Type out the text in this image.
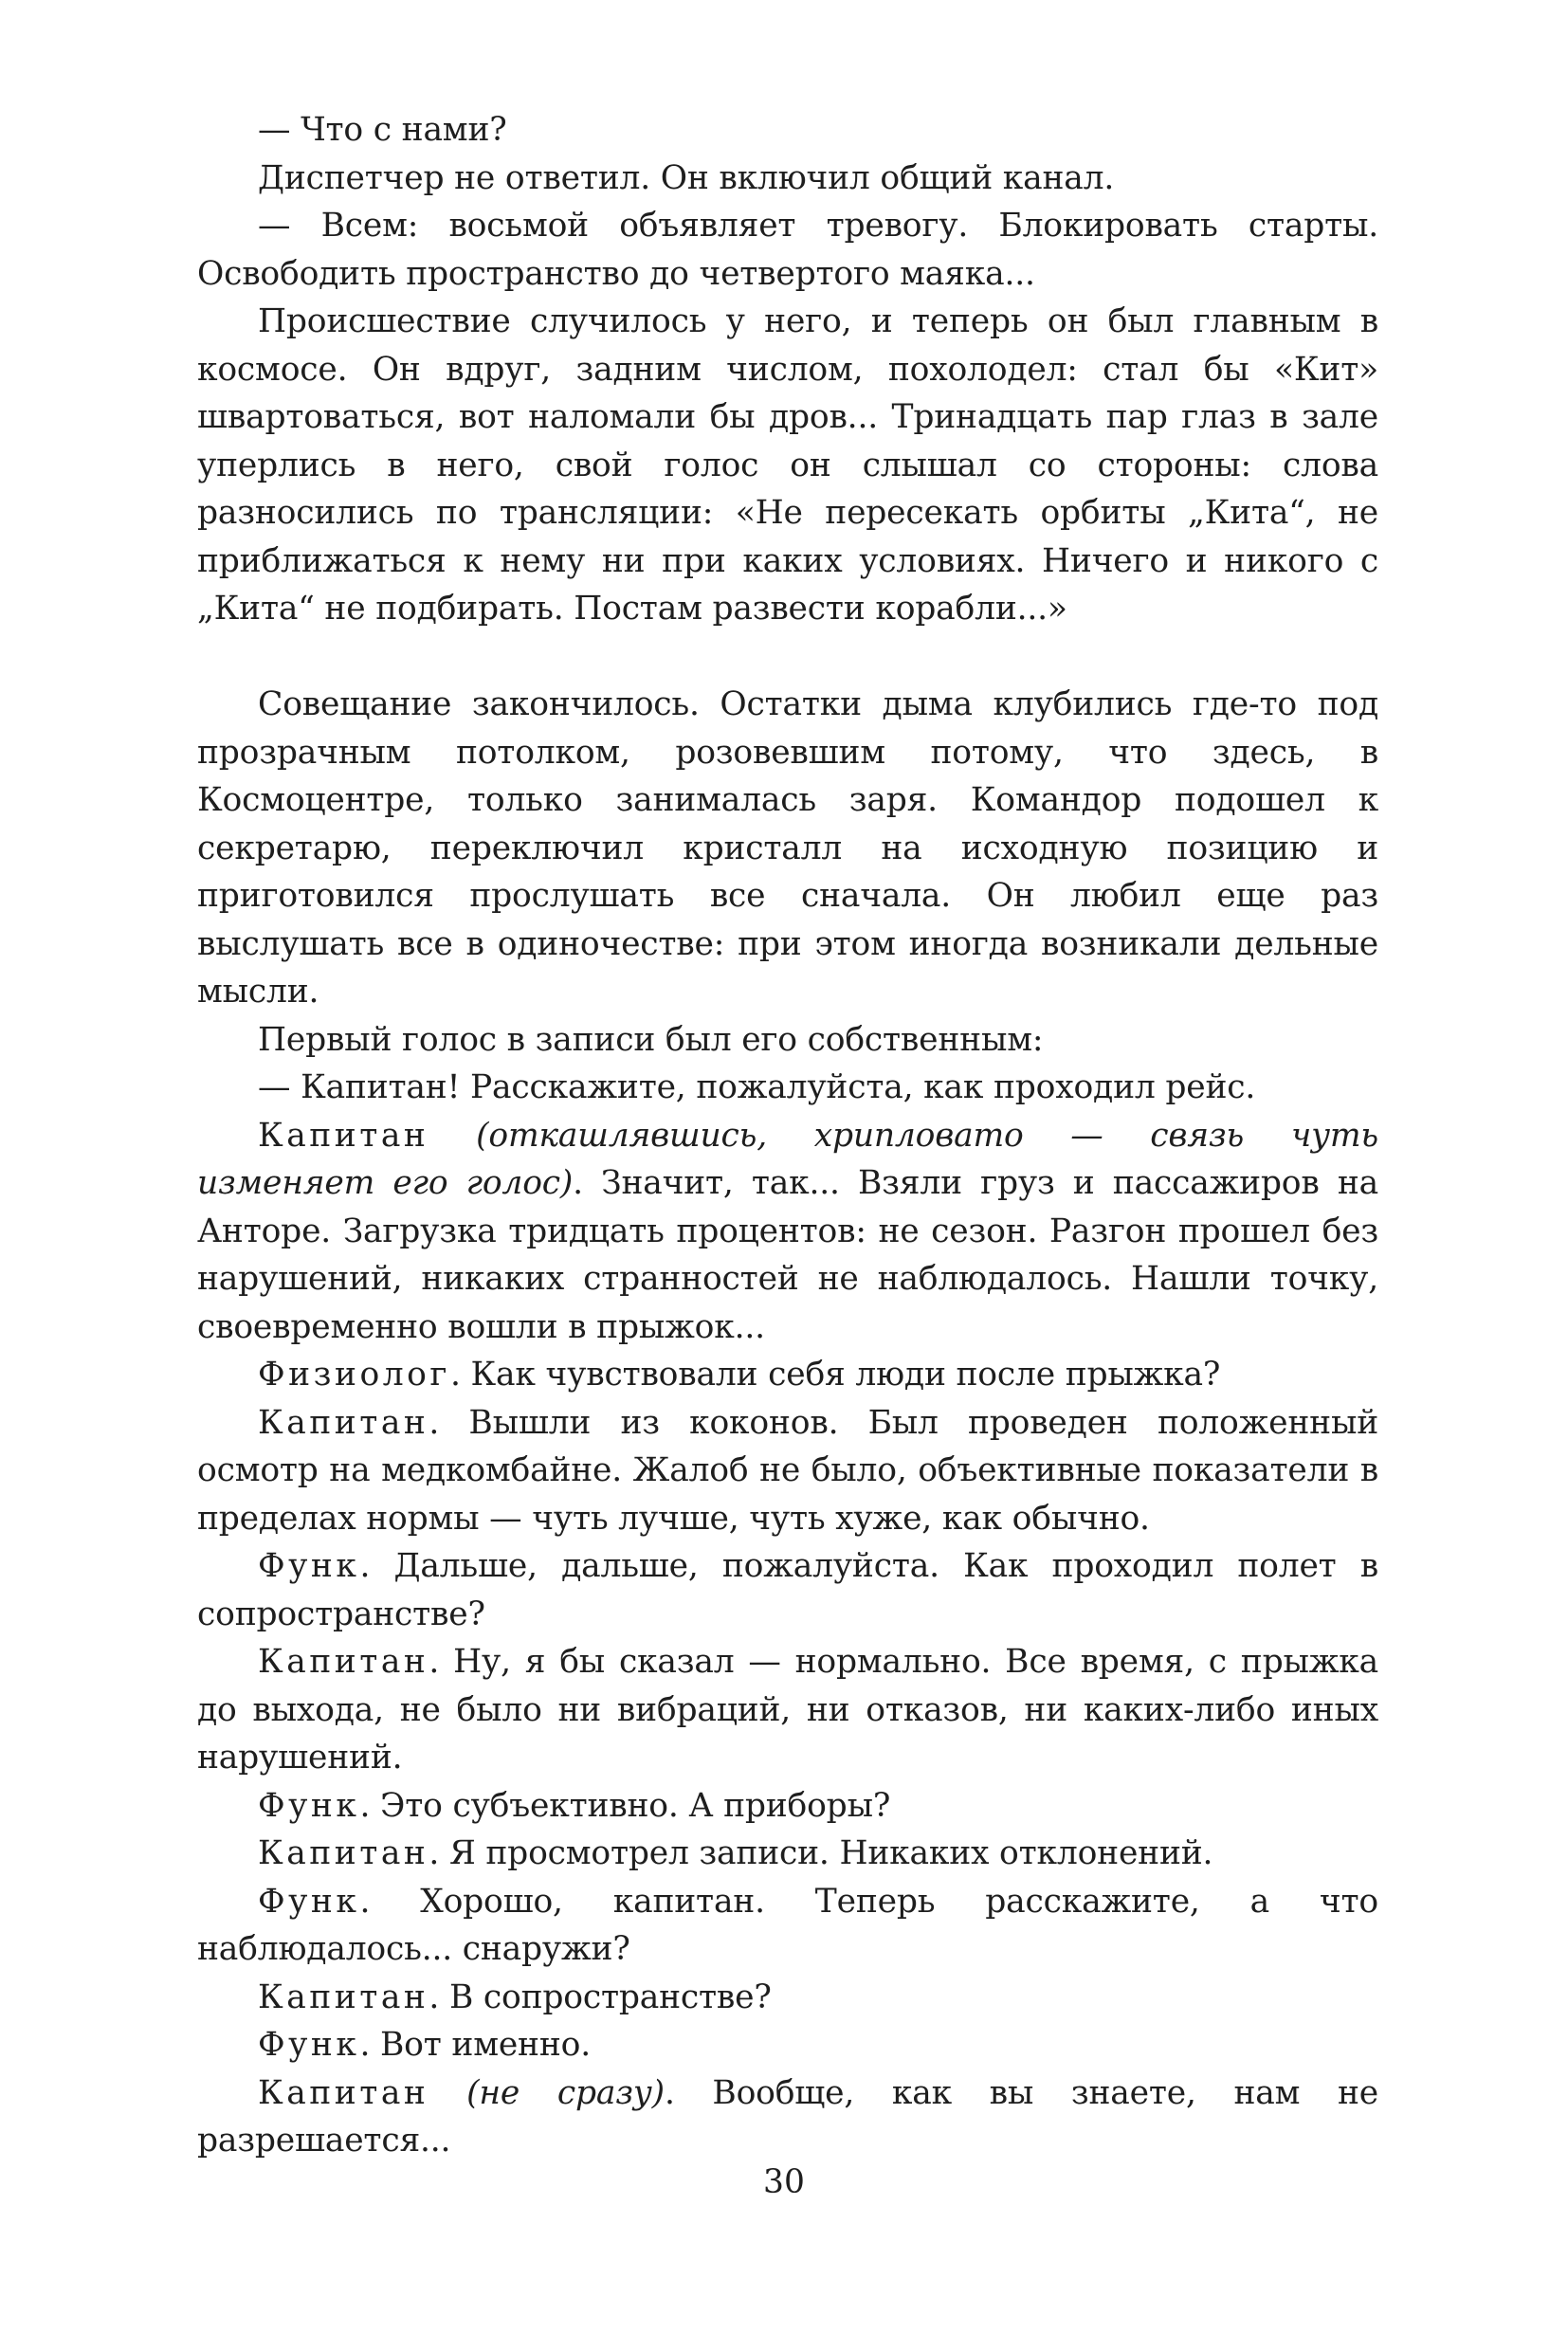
— Что с нами?

Диспетчер не ответил. Он включил общий канал.

— Всем: восьмой объявляет тревогу. Блокировать старты. Освободить пространство до четвертого маяка...

Происшествие случилось у него, и теперь он был главным в космосе. Он вдруг, задним числом, похолодел: стал бы «Кит» швартоваться, вот наломали бы дров... Тринадцать пар глаз в зале уперлись в него, свой голос он слышал со стороны: слова разносились по трансляции: «Не пересекать орбиты „Кита“, не приближаться к нему ни при каких условиях. Ничего и никого с „Кита“ не подбирать. Постам развести корабли...»

Совещание закончилось. Остатки дыма клубились где-то под прозрачным потолком, розовевшим потому, что здесь, в Космоцентре, только занималась заря. Командор подошел к секретарю, переключил кристалл на исходную позицию и приготовился прослушать все сначала. Он любил еще раз выслушать все в одиночестве: при этом иногда возникали дельные мысли.

Первый голос в записи был его собственным:

— Капитан! Расскажите, пожалуйста, как проходил рейс.

Капитан (откашлявшись, хрипловато — связь чуть изменяет его голос). Значит, так... Взяли груз и пассажиров на Анторе. Загрузка тридцать процентов: не сезон. Разгон прошел без нарушений, никаких странностей не наблюдалось. Нашли точку, своевременно вошли в прыжок...

Физиолог. Как чувствовали себя люди после прыжка?

Капитан. Вышли из коконов. Был проведен положенный осмотр на медкомбайне. Жалоб не было, объективные показатели в пределах нормы — чуть лучше, чуть хуже, как обычно.

Функ. Дальше, дальше, пожалуйста. Как проходил полет в сопространстве?

Капитан. Ну, я бы сказал — нормально. Все время, с прыжка до выхода, не было ни вибраций, ни отказов, ни каких-либо иных нарушений.

Функ. Это субъективно. А приборы?

Капитан. Я просмотрел записи. Никаких отклонений.

Функ. Хорошо, капитан. Теперь расскажите, а что наблюдалось... снаружи?

Капитан. В сопространстве?

Функ. Вот именно.

Капитан (не сразу). Вообще, как вы знаете, нам не разрешается...

30
